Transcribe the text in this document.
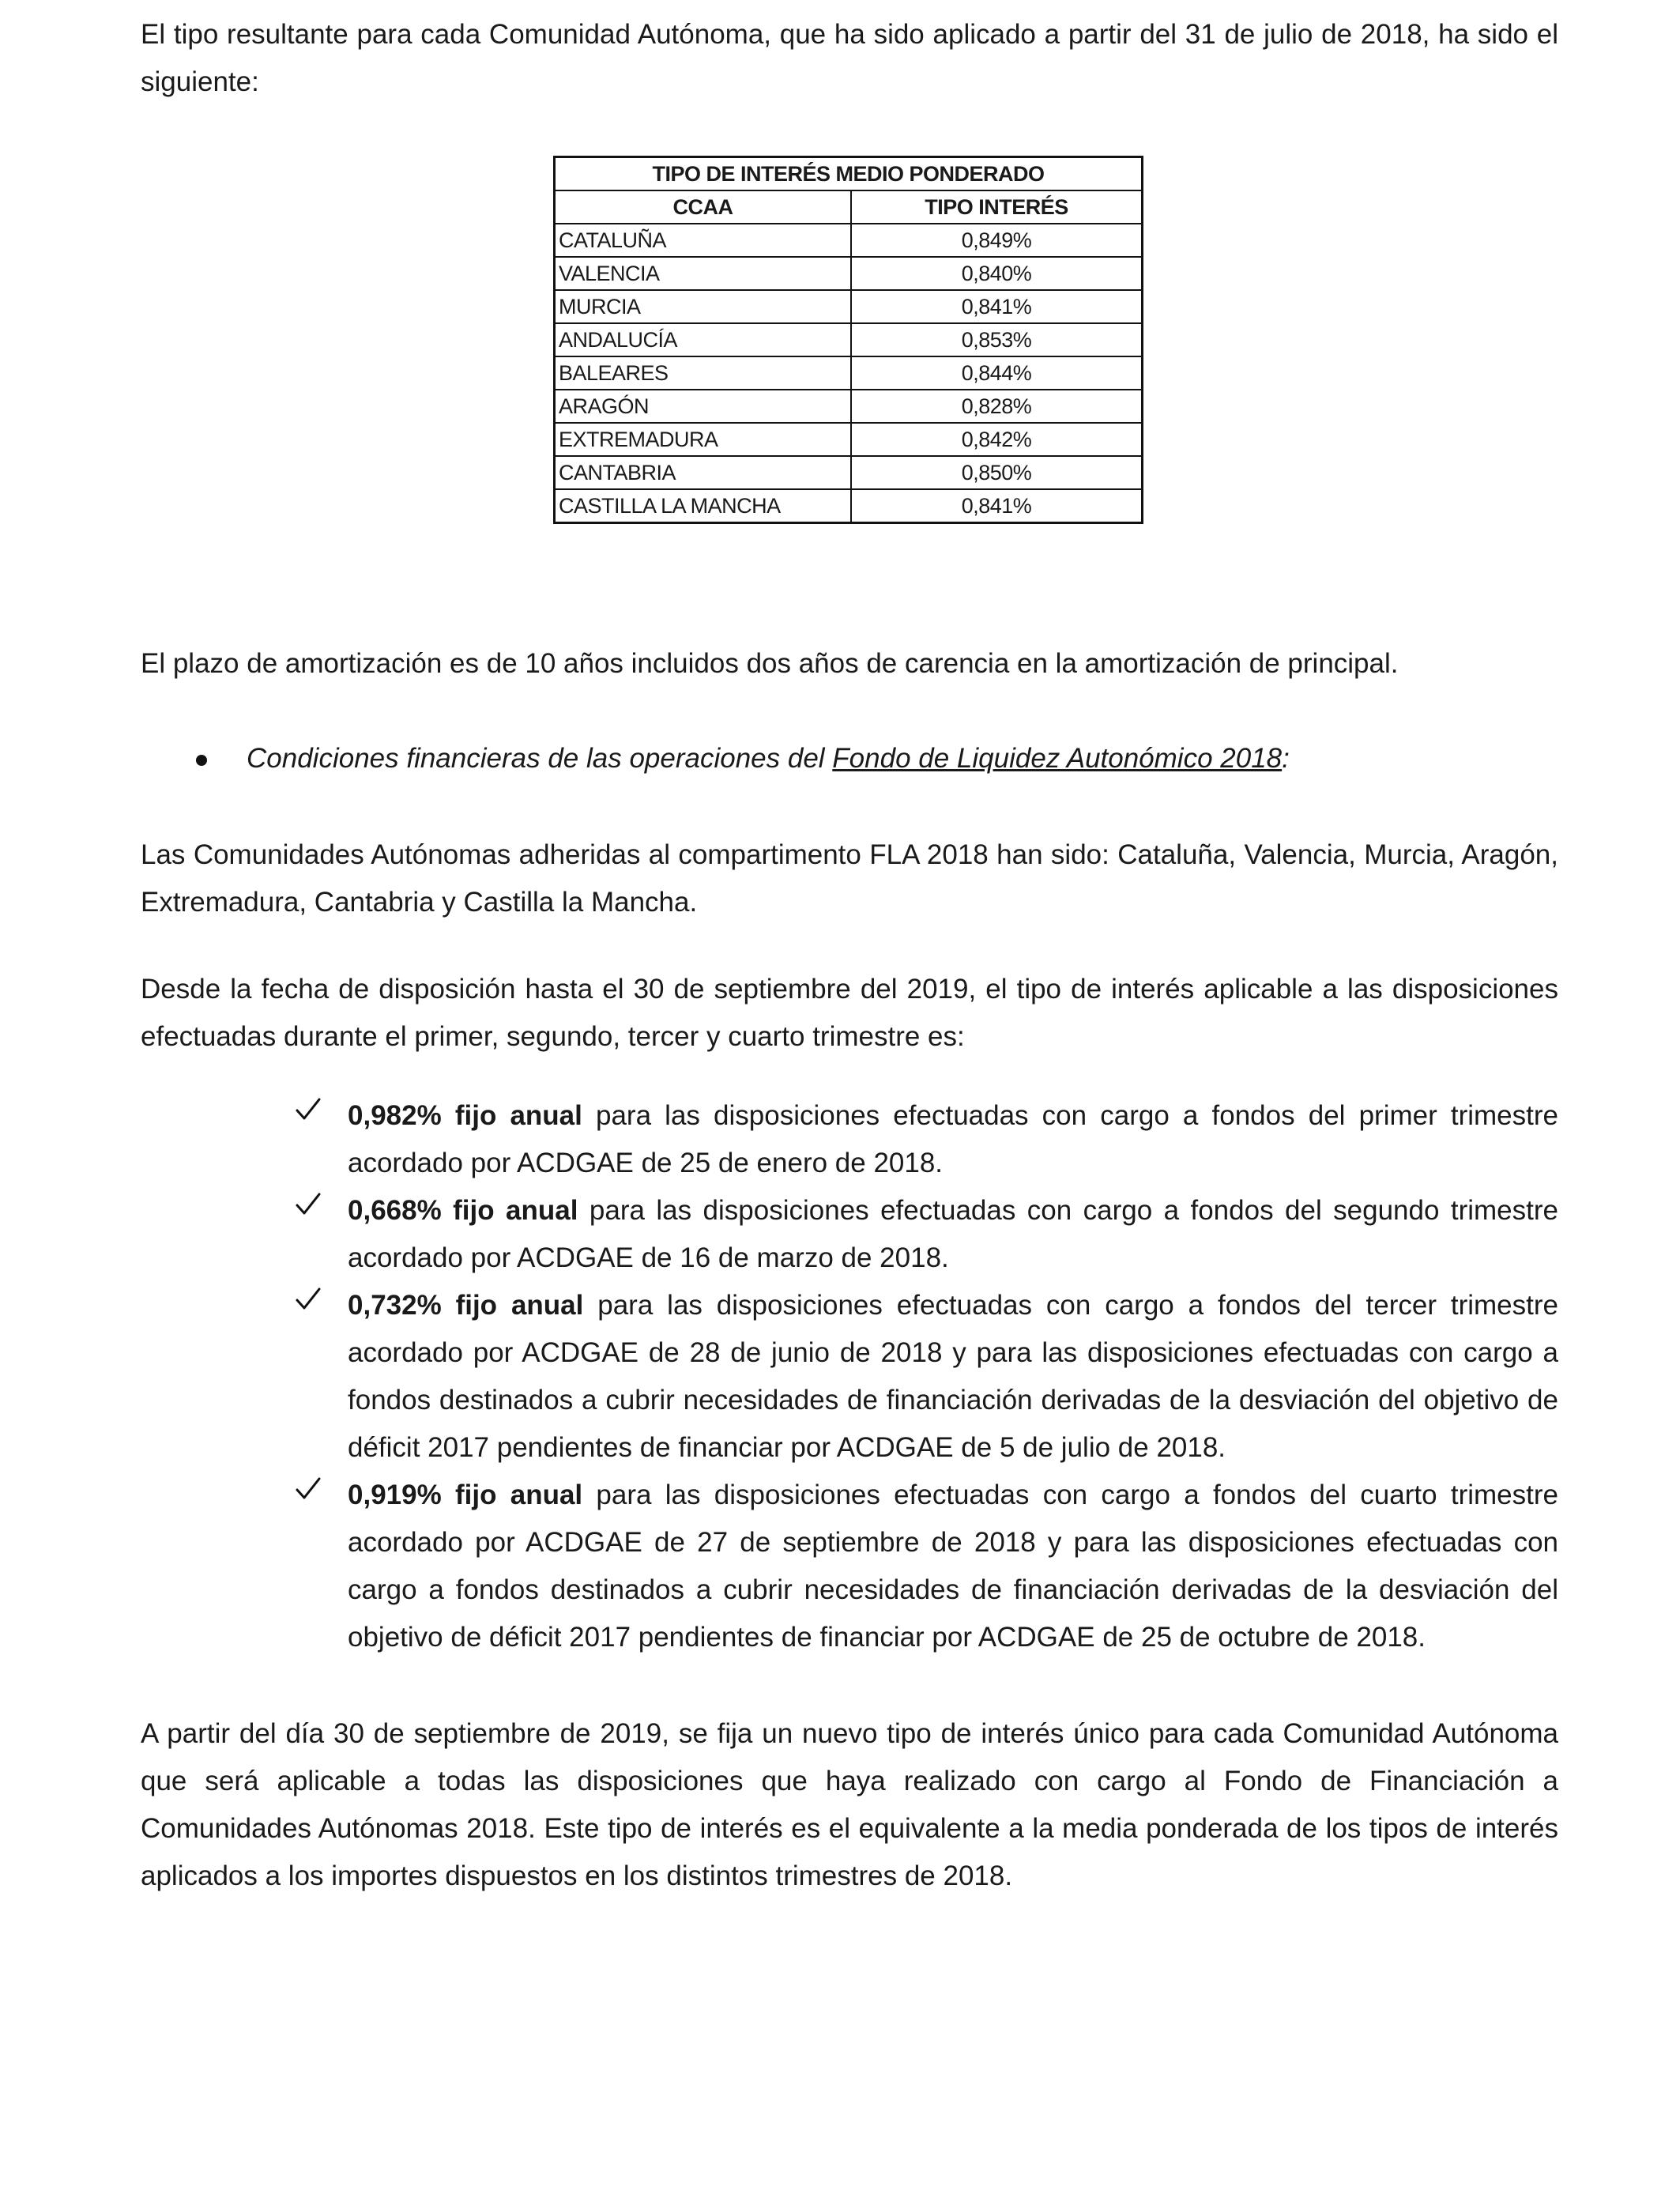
El tipo resultante para cada Comunidad Autónoma, que ha sido aplicado a partir del 31 de julio de 2018, ha sido el siguiente:

TIPO DE INTERÉS MEDIO PONDERADO	
CCAA	TIPO INTERÉS
CATALUÑA	0,849%
VALENCIA	0,840%
MURCIA	0,841%
ANDALUCÍA	0,853%
BALEARES	0,844%
ARAGÓN	0,828%
EXTREMADURA	0,842%
CANTABRIA	0,850%
CASTILLA LA MANCHA	0,841%

El plazo de amortización es de 10 años incluidos dos años de carencia en la amortización de principal.

Condiciones financieras de las operaciones del Fondo de Liquidez Autonómico 2018:

Las Comunidades Autónomas adheridas al compartimento FLA 2018 han sido: Cataluña, Valencia, Murcia, Aragón, Extremadura, Cantabria y Castilla la Mancha.

Desde la fecha de disposición hasta el 30 de septiembre del 2019, el tipo de interés aplicable a las disposiciones efectuadas durante el primer, segundo, tercer y cuarto trimestre es:

0,982% fijo anual para las disposiciones efectuadas con cargo a fondos del primer trimestre acordado por ACDGAE de 25 de enero de 2018.

0,668% fijo anual para las disposiciones efectuadas con cargo a fondos del segundo trimestre acordado por ACDGAE de 16 de marzo de 2018.

0,732% fijo anual para las disposiciones efectuadas con cargo a fondos del tercer trimestre acordado por ACDGAE de 28 de junio de 2018 y para las disposiciones efectuadas con cargo a fondos destinados a cubrir necesidades de financiación derivadas de la desviación del objetivo de déficit 2017 pendientes de financiar por ACDGAE de 5 de julio de 2018.

0,919% fijo anual para las disposiciones efectuadas con cargo a fondos del cuarto trimestre acordado por ACDGAE de 27 de septiembre de 2018 y para las disposiciones efectuadas con cargo a fondos destinados a cubrir necesidades de financiación derivadas de la desviación del objetivo de déficit 2017 pendientes de financiar por ACDGAE de 25 de octubre de 2018.

A partir del día 30 de septiembre de 2019, se fija un nuevo tipo de interés único para cada Comunidad Autónoma que será aplicable a todas las disposiciones que haya realizado con cargo al Fondo de Financiación a Comunidades Autónomas 2018. Este tipo de interés es el equivalente a la media ponderada de los tipos de interés aplicados a los importes dispuestos en los distintos trimestres de 2018.
